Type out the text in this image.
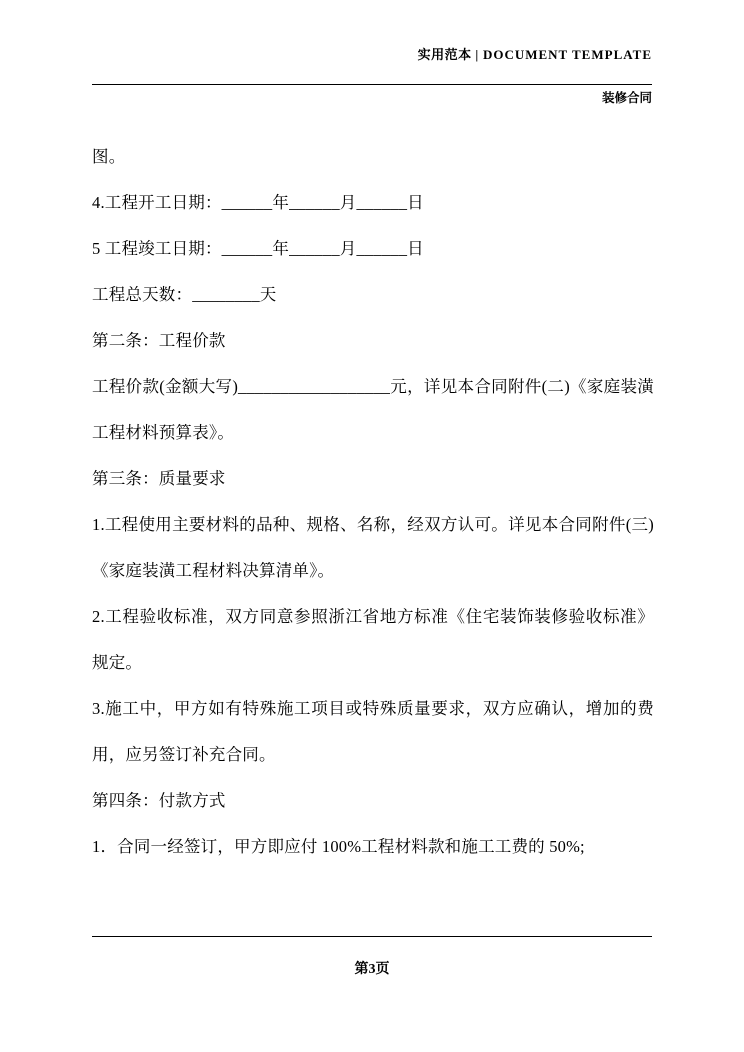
实用范本 | DOCUMENT TEMPLATE
装修合同
图。
4.工程开工日期：______年______月______日
5 工程竣工日期：______年______月______日
工程总天数：________天
第二条：工程价款
工程价款(金额大写)__________________元，详见本合同附件(二)《家庭装潢工程材料预算表》。
第三条：质量要求
1.工程使用主要材料的品种、规格、名称，经双方认可。详见本合同附件(三)《家庭装潢工程材料决算清单》。
2.工程验收标准，双方同意参照浙江省地方标准《住宅装饰装修验收标准》规定。
3.施工中，甲方如有特殊施工项目或特殊质量要求，双方应确认，增加的费用，应另签订补充合同。
第四条：付款方式
1．合同一经签订，甲方即应付 100%工程材料款和施工工费的 50%;
第3页
